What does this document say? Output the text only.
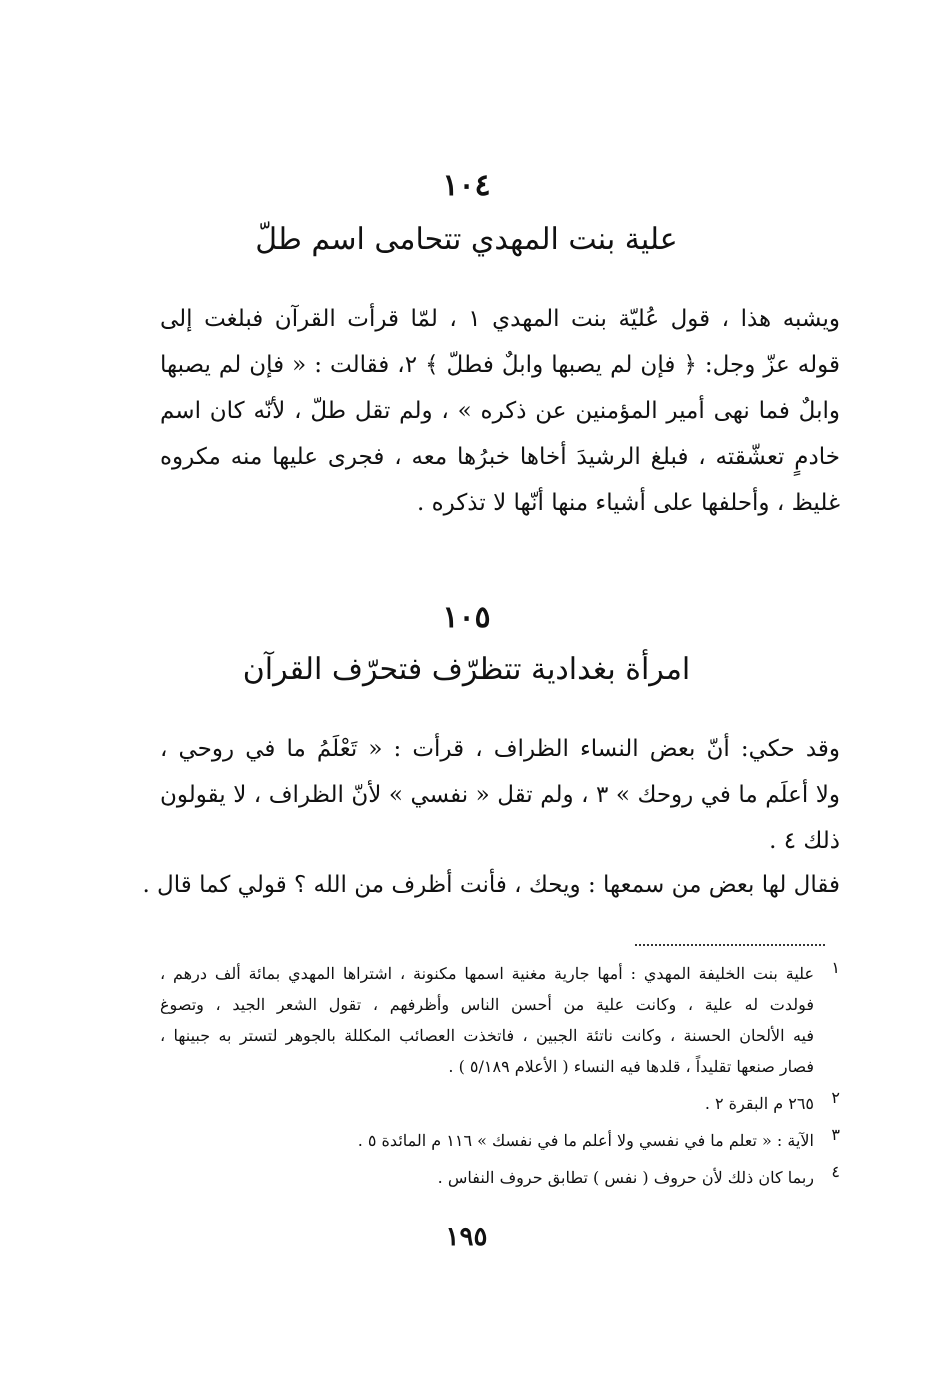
١٠٤
علية بنت المهدي تتحامى اسم طلّ
ويشبه هذا ، قول عُليّة بنت المهدي ١ ، لمّا قرأت القرآن فبلغت إلى
قوله عزّ وجل: ﴿ فإن لم يصبها وابلٌ فطلّ ﴾ ٢، فقالت : « فإن لم يصبها
وابلٌ فما نهى أمير المؤمنين عن ذكره » ، ولم تقل طلّ ، لأنّه كان اسم
خادمٍ تعشّقته ، فبلغ الرشيدَ أخاها خبرُها معه ، فجرى عليها منه مكروه
غليظ ، وأحلفها على أشياء منها أنّها لا تذكره .
١٠٥
امرأة بغدادية تتظرّف فتحرّف القرآن
وقد حكي: أنّ بعض النساء الظراف ، قرأت : « تَعْلَمُ ما في روحي ،
ولا أعلَم ما في روحك » ٣ ، ولم تقل « نفسي » لأنّ الظراف ، لا يقولون
ذلك ٤ .
فقال لها بعض من سمعها : ويحك ، فأنت أظرف من الله ؟ قولي كما قال .
١
علية بنت الخليفة المهدي : أمها جارية مغنية اسمها مكنونة ، اشتراها المهدي بمائة ألف درهم ،
فولدت له علية ، وكانت علية من أحسن الناس وأظرفهم ، تقول الشعر الجيد ، وتصوغ
فيه الألحان الحسنة ، وكانت ناتئة الجبين ، فاتخذت العصائب المكللة بالجوهر لتستر به جبينها ،
فصار صنعها تقليداً ، قلدها فيه النساء ( الأعلام ٥/١٨٩ ) .
٢
٢٦٥ م البقرة ٢ .
٣
الآية : « تعلم ما في نفسي ولا أعلم ما في نفسك » ١١٦ م المائدة ٥ .
٤
ربما كان ذلك لأن حروف ( نفس ) تطابق حروف النفاس .
١٩٥
